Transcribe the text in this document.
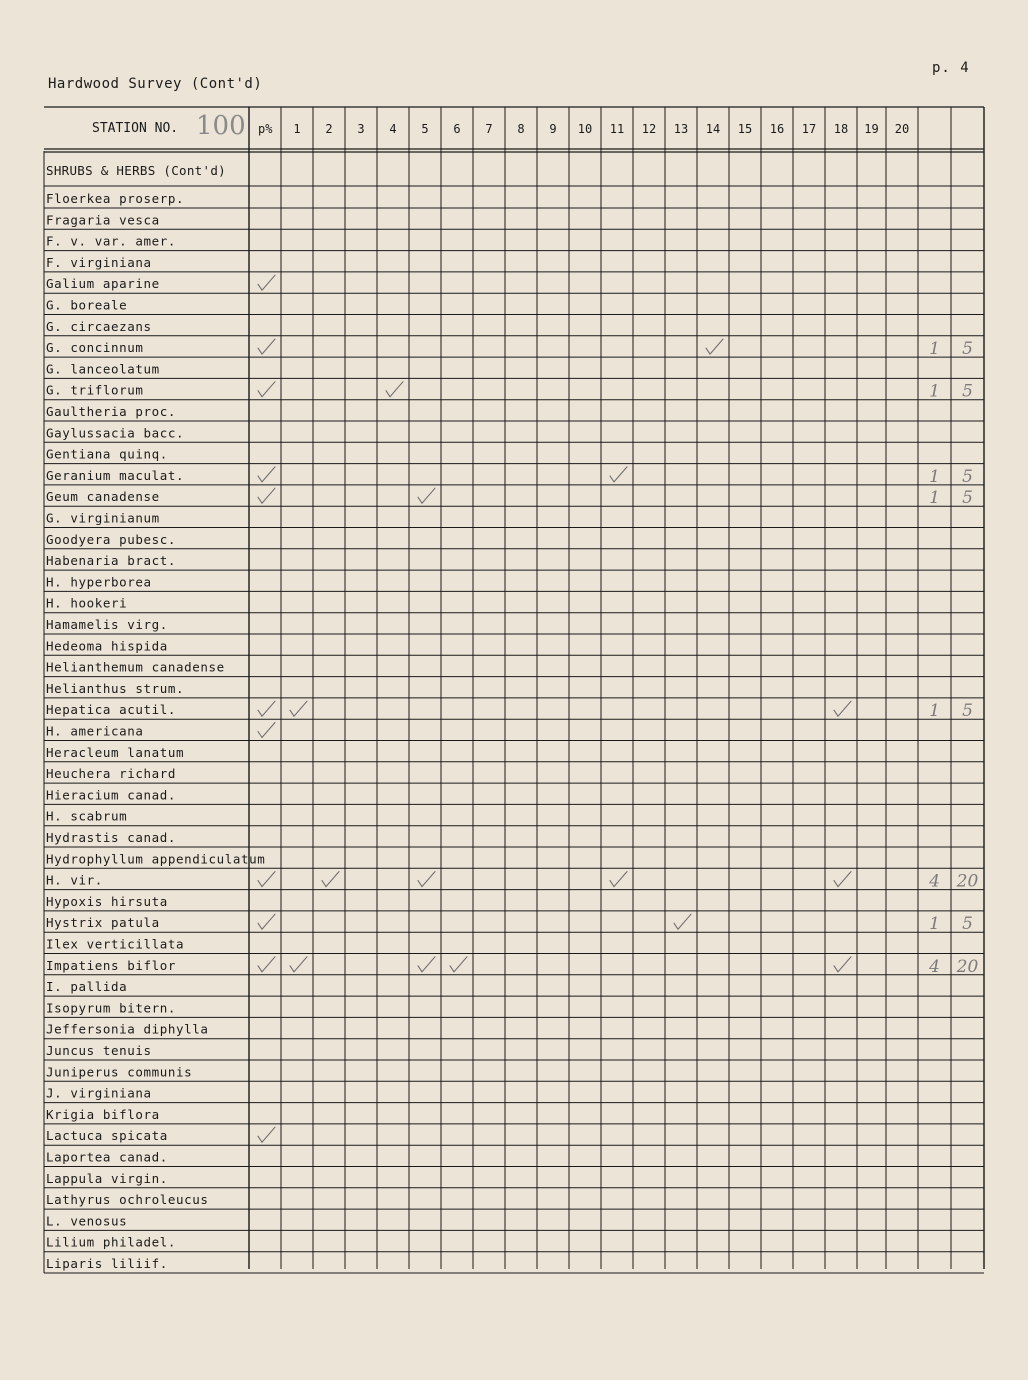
Hardwood Survey (Cont'd)
p. 4
STATION NO. 100 p% 1 2 3 4 5 6 7 8 9 10 11 12 13 14 15 16 17 18 19 20
SHRUBS & HERBS (Cont'd)
Floerkea proserp.
Fragaria vesca
F. v. var. amer.
F. virginiana
Galium aparine
G. boreale
G. circaezans
G. concinnum
G. lanceolatum
G. triflorum
Gaultheria proc.
Gaylussacia bacc.
Gentiana quinq.
Geranium maculat.
Geum canadense
G. virginianum
Goodyera pubesc.
Habenaria bract.
H. hyperborea
H. hookeri
Hamamelis virg.
Hedeoma hispida
Helianthemum canadense
Helianthus strum.
Hepatica acutil.
H. americana
Heracleum lanatum
Heuchera richard
Hieracium canad.
H. scabrum
Hydrastis canad.
Hydrophyllum appendiculatum
H. vir.
Hypoxis hirsuta
Hystrix patula
Ilex verticillata
Impatiens biflor
I. pallida
Isopyrum bitern.
Jeffersonia diphylla
Juncus tenuis
Juniperus communis
J. virginiana
Krigia biflora
Lactuca spicata
Laportea canad.
Lappula virgin.
Lathyrus ochroleucus
L. venosus
Lilium philadel.
Liparis liliif.
1 5
1 5
1 5
1 5
1 5
4 20
1 5
4 20
